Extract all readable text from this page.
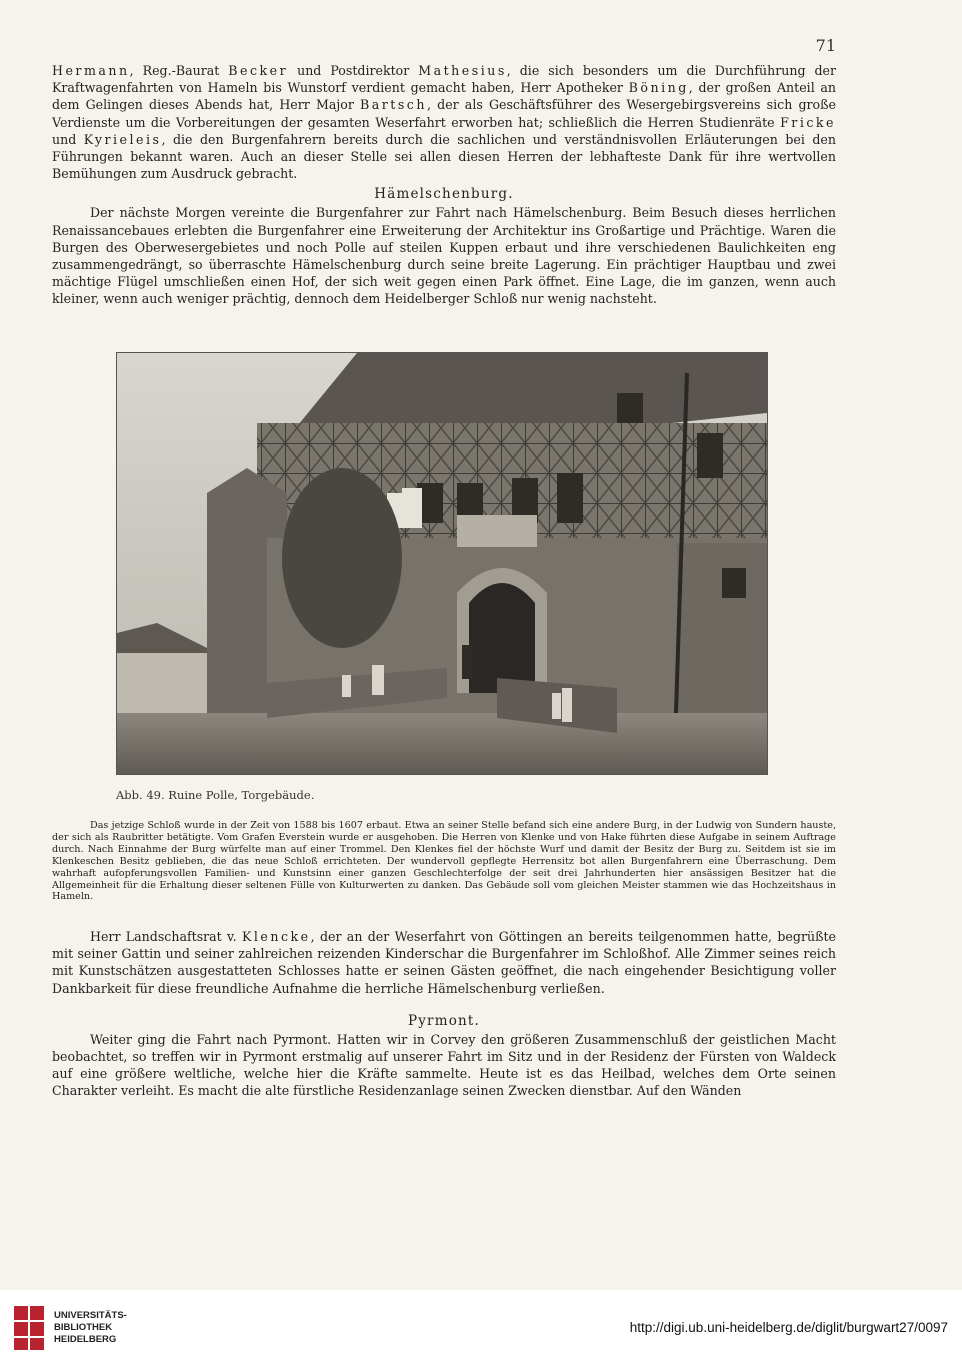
71

Hermann, Reg.-Baurat Becker und Postdirektor Mathesius, die sich besonders um die Durchführung der Kraftwagenfahrten von Hameln bis Wunstorf verdient gemacht haben, Herr Apotheker Böning, der großen Anteil an dem Gelingen dieses Abends hat, Herr Major Bartsch, der als Geschäftsführer des Wesergebirgsvereins sich große Verdienste um die Vorbereitungen der gesamten Weserfahrt erworben hat; schließlich die Herren Studienräte Fricke und Kyrieleis, die den Burgenfahrern bereits durch die sachlichen und verständnisvollen Erläuterungen bei den Führungen bekannt waren. Auch an dieser Stelle sei allen diesen Herren der lebhafteste Dank für ihre wertvollen Bemühungen zum Ausdruck gebracht.

Hämelschenburg.

Der nächste Morgen vereinte die Burgenfahrer zur Fahrt nach Hämelschenburg. Beim Besuch dieses herrlichen Renaissancebaues erlebten die Burgenfahrer eine Erweiterung der Architektur ins Großartige und Prächtige. Waren die Burgen des Oberwesergebietes und noch Polle auf steilen Kuppen erbaut und ihre verschiedenen Baulichkeiten eng zusammengedrängt, so überraschte Hämelschenburg durch seine breite Lagerung. Ein prächtiger Hauptbau und zwei mächtige Flügel umschließen einen Hof, der sich weit gegen einen Park öffnet. Eine Lage, die im ganzen, wenn auch kleiner, wenn auch weniger prächtig, dennoch dem Heidelberger Schloß nur wenig nachsteht.

Abb. 49. Ruine Polle, Torgebäude.

Das jetzige Schloß wurde in der Zeit von 1588 bis 1607 erbaut. Etwa an seiner Stelle befand sich eine andere Burg, in der Ludwig von Sundern hauste, der sich als Raubritter betätigte. Vom Grafen Everstein wurde er ausgehoben. Die Herren von Klenke und von Hake führten diese Aufgabe in seinem Auftrage durch. Nach Einnahme der Burg würfelte man auf einer Trommel. Den Klenkes fiel der höchste Wurf und damit der Besitz der Burg zu. Seitdem ist sie im Klenkeschen Besitz geblieben, die das neue Schloß errichteten. Der wundervoll gepflegte Herrensitz bot allen Burgenfahrern eine Überraschung. Dem wahrhaft aufopferungsvollen Familien- und Kunstsinn einer ganzen Geschlechterfolge der seit drei Jahrhunderten hier ansässigen Besitzer hat die Allgemeinheit für die Erhaltung dieser seltenen Fülle von Kulturwerten zu danken. Das Gebäude soll vom gleichen Meister stammen wie das Hochzeitshaus in Hameln.

Herr Landschaftsrat v. Klencke, der an der Weserfahrt von Göttingen an bereits teilgenommen hatte, begrüßte mit seiner Gattin und seiner zahlreichen reizenden Kinderschar die Burgenfahrer im Schloßhof. Alle Zimmer seines reich mit Kunstschätzen ausgestatteten Schlosses hatte er seinen Gästen geöffnet, die nach eingehender Besichtigung voller Dankbarkeit für diese freundliche Aufnahme die herrliche Hämelschenburg verließen.

Pyrmont.

Weiter ging die Fahrt nach Pyrmont. Hatten wir in Corvey den größeren Zusammenschluß der geistlichen Macht beobachtet, so treffen wir in Pyrmont erstmalig auf unserer Fahrt im Sitz und in der Residenz der Fürsten von Waldeck auf eine größere weltliche, welche hier die Kräfte sammelte. Heute ist es das Heilbad, welches dem Orte seinen Charakter verleiht. Es macht die alte fürstliche Residenzanlage seinen Zwecken dienstbar. Auf den Wänden

UNIVERSITÄTS-
BIBLIOTHEK
HEIDELBERG
http://digi.ub.uni-heidelberg.de/diglit/burgwart27/0097
